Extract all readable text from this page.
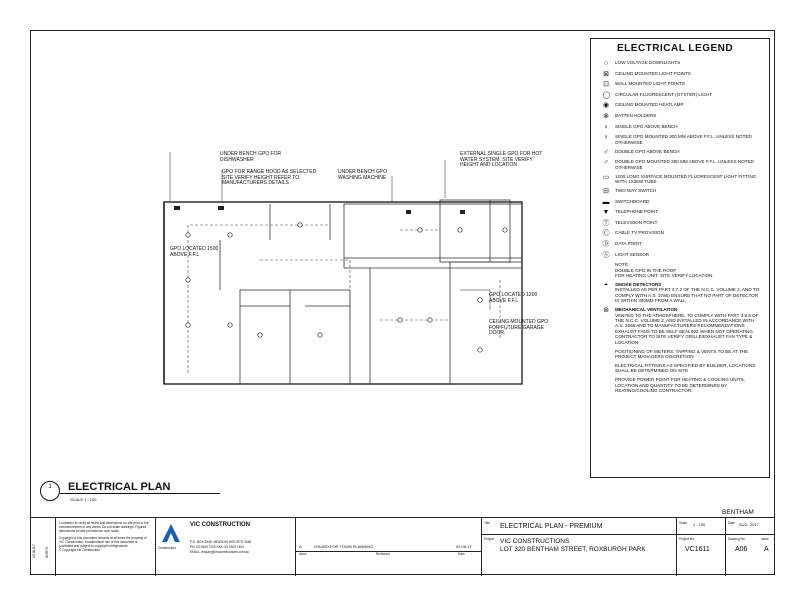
ELECTRICAL LEGEND
○	LOW VOLTAGE DOWNLIGHTS
⊠ CEILING MOUNTED LIGHT POINTS
⊡ WALL MOUNTED LIGHT POINTS
◯ CIRCULAR FLUORESCENT (OYSTER) LIGHT
◉ CEILING MOUNTED HEATLAMP
⊗ BATTEN HOLDERS
♀ SINGLE GPO ABOVE BENCH
♀ SINGLE GPO MOUNTED 300 MM ABOVE F.F.L. UNLESS NOTED OTHERWISE
♂ DOUBLE GPO ABOVE BENCH
♂ DOUBLE GPO MOUNTED 300 MM ABOVE F.F.L. UNLESS NOTED OTHERWISE
▭ 1200 LONG SURFACE MOUNTED FLUORESCENT LIGHT FITTING WITH 1X36W TUBE
⊟ TWO WAY SWITCH
▬ SWITCHBOARD
▼ TELEPHONE POINT
Ⓣ TELEVISION POINT
Ⓒ CABLE TV PROVISION
Ⓓ DATA POINT
Ⓢ LIGHT SENSOR
NOTE:
DOUBLE GPO IN THE ROOF
FOR HEATING UNIT. SITE VERIFY LOCATION
◓	SMOKE DETECTORS
INSTALLED AS PER PART 3.7.2 OF THE N.C.C. VOLUME 2, AND TO COMPLY WITH A.S. 3786) ENSURE THAT NO PART OF DETECTOR IS WITHIN 300MM FROM A WALL
⊛ MECHANICAL VENTILATION
VENTED TO THE ATMOSPHERE, TO COMPLY WITH PART 3.8.5 OF THE N.C.C. VOLUME 2, AND INSTALLED IN ACCORDANCE WITH A.S. 1668 AND TO MANUFACTURERS RECOMMENDATIONS EXHAUST FANS TO BE SELF SEALING WHEN NOT OPERATING CONTRACTOR TO SITE VERIFY GRILLE/EXHAUST FAN TYPE & LOCATION
POSITIONING OF METERS, TAPPING & VENTS TO BE AT THE PROJECT MANAGERS DISCRETION
ELECTRICAL FITTINGS AS SPECIFIED BY BUILDER, LOCATIONS SHALL BE DETERMINED ON SITE
PROVIDE POWER POINT FOR HEATING & COOLING UNITS, LOCATION AND QUANTITY TO BE DETERMINED BY HEATING/COOLING CONTRACTOR.
UNDER BENCH GPO FOR DISHWASHER
GPO FOR RANGE HOOD AS SELECTED SITE VERIFY HEIGHT REFER TO MANUFACTURERS DETAILS
UNDER BENCH GPO WASHING MACHINE
EXTERNAL SINGLE GPO FOR HOT WATER SYSTEM. SITE VERIFY HEIGHT AND LOCATION
GPO LOCATED 1500 ABOVE F.F.L
GPO LOCATED 1200 ABOVE F.F.L
CEILING MOUNTED GPO FOR FUTURE GARAGE DOOR.
1	ELECTRICAL PLAN
SCALE 1 : 100
BENTHAM
AS BUILT	NORTH
Contractor to verify all levels and dimensions on site prior to the commencement of any works. Do not scale drawings. Figured dimensions to take precedence over scale.
Copyright of this document remains at all times the property of VIC Construction. Unauthorised use of this document is prohibited and subject to copyright infringements.
© Copyright Vic Construction	Construction
VIC CONSTRUCTION
P.O. BOX 3346, MEADOW HEIGHTS 3048
PH: 03 9309 7200 FAX: 03 9309 7400
EMAIL: enquiry@vicconstructions.com.au
A	ISSUED FOR TOWN PLANNING	02.08.17
Issue	Revisions	Date
Title ELECTRICAL PLAN - PREMIUM
Project VIC CONSTRUCTIONS
LOT 320 BENTHAM STREET, ROXBURGH PARK
Scale 1 : 100	Date AUG. 2017
Project No.
VC1611
Drawing No.
A06
Issue
A
